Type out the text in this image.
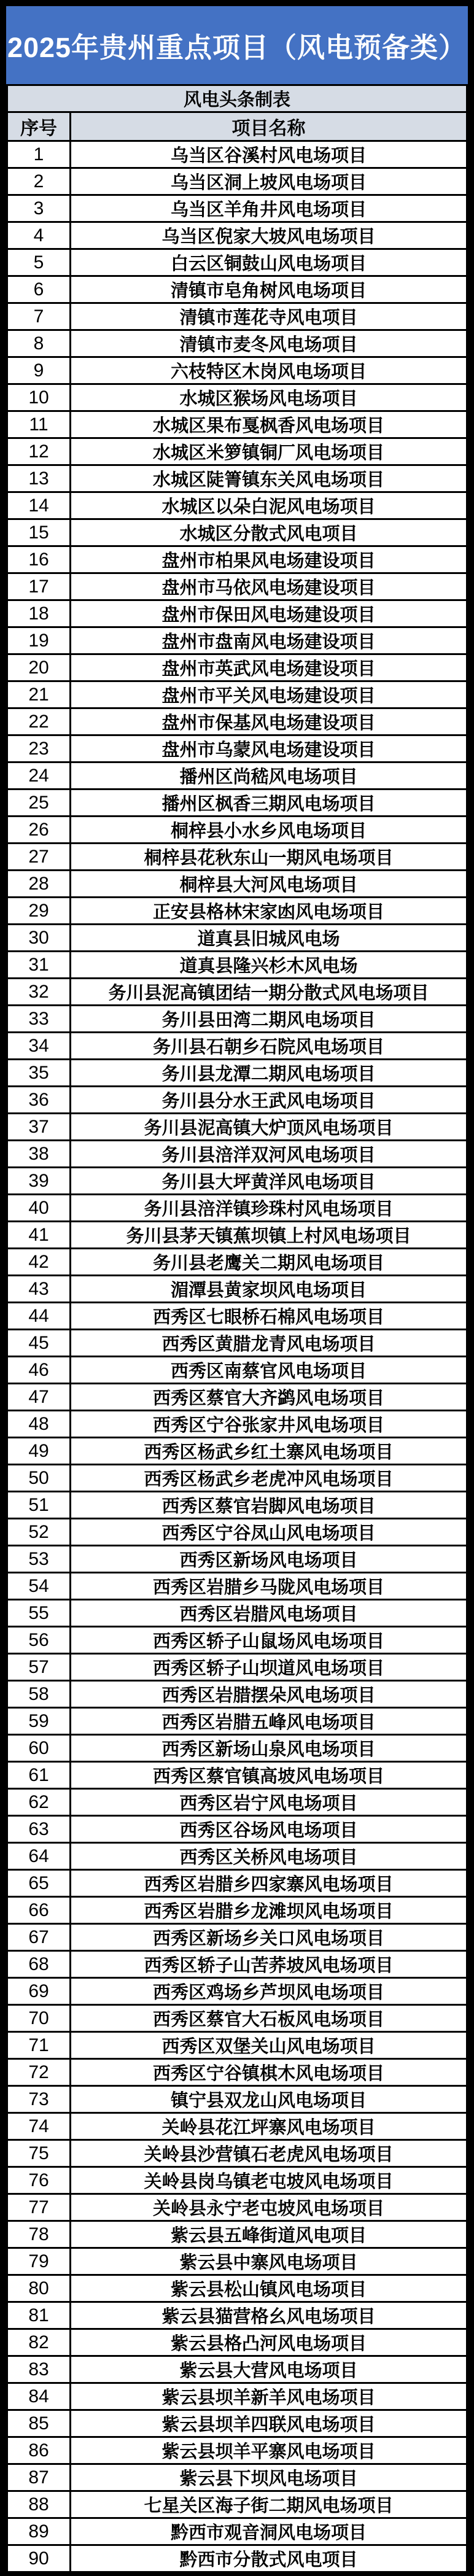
2025年贵州重点项目（风电预备类）
风电头条制表	
序号	项目名称
1	乌当区谷溪村风电场项目
2	乌当区洞上坡风电场项目
3	乌当区羊角井风电场项目
4	乌当区倪家大坡风电场项目
5	白云区铜鼓山风电场项目
6	清镇市皂角树风电场项目
7	清镇市莲花寺风电项目
8	清镇市麦冬风电场项目
9	六枝特区木岗风电场项目
10	水城区猴场风电场项目
11	水城区果布戛枫香风电场项目
12	水城区米箩镇铜厂风电场项目
13	水城区陡箐镇东关风电场项目
14	水城区以朵白泥风电场项目
15	水城区分散式风电项目
16	盘州市柏果风电场建设项目
17	盘州市马依风电场建设项目
18	盘州市保田风电场建设项目
19	盘州市盘南风电场建设项目
20	盘州市英武风电场建设项目
21	盘州市平关风电场建设项目
22	盘州市保基风电场建设项目
23	盘州市乌蒙风电场建设项目
24	播州区尚嵇风电场项目
25	播州区枫香三期风电场项目
26	桐梓县小水乡风电场项目
27	桐梓县花秋东山一期风电场项目
28	桐梓县大河风电场项目
29	正安县格林宋家凼风电场项目
30	道真县旧城风电场
31	道真县隆兴杉木风电场
32	务川县泥高镇团结一期分散式风电场项目
33	务川县田湾二期风电场项目
34	务川县石朝乡石院风电场项目
35	务川县龙潭二期风电场项目
36	务川县分水王武风电场项目
37	务川县泥高镇大炉顶风电场项目
38	务川县涪洋双河风电场项目
39	务川县大坪黄洋风电场项目
40	务川县涪洋镇珍珠村风电场项目
41	务川县茅天镇蕉坝镇上村风电场项目
42	务川县老鹰关二期风电场项目
43	湄潭县黄家坝风电场项目
44	西秀区七眼桥石棉风电场项目
45	西秀区黄腊龙青风电场项目
46	西秀区南蔡官风电场项目
47	西秀区蔡官大齐鹢风电场项目
48	西秀区宁谷张家井风电场项目
49	西秀区杨武乡红土寨风电场项目
50	西秀区杨武乡老虎冲风电场项目
51	西秀区蔡官岩脚风电场项目
52	西秀区宁谷凤山风电场项目
53	西秀区新场风电场项目
54	西秀区岩腊乡马陇风电场项目
55	西秀区岩腊风电场项目
56	西秀区轿子山鼠场风电场项目
57	西秀区轿子山坝道风电场项目
58	西秀区岩腊摆朵风电场项目
59	西秀区岩腊五峰风电场项目
60	西秀区新场山泉风电场项目
61	西秀区蔡官镇高坡风电场项目
62	西秀区岩宁风电场项目
63	西秀区谷场风电场项目
64	西秀区关桥风电场项目
65	西秀区岩腊乡四家寨风电场项目
66	西秀区岩腊乡龙滩坝风电场项目
67	西秀区新场乡关口风电场项目
68	西秀区轿子山苦荞坡风电场项目
69	西秀区鸡场乡芦坝风电场项目
70	西秀区蔡官大石板风电场项目
71	西秀区双堡关山风电场项目
72	西秀区宁谷镇棋木风电场项目
73	镇宁县双龙山风电场项目
74	关岭县花江坪寨风电场项目
75	关岭县沙营镇石老虎风电场项目
76	关岭县岗乌镇老屯坡风电场项目
77	关岭县永宁老屯坡风电场项目
78	紫云县五峰街道风电项目
79	紫云县中寨风电场项目
80	紫云县松山镇风电场项目
81	紫云县猫营格幺风电场项目
82	紫云县格凸河风电场项目
83	紫云县大营风电场项目
84	紫云县坝羊新羊风电场项目
85	紫云县坝羊四联风电场项目
86	紫云县坝羊平寨风电场项目
87	紫云县下坝风电场项目
88	七星关区海子街二期风电场项目
89	黔西市观音洞风电场项目
90	黔西市分散式风电项目
